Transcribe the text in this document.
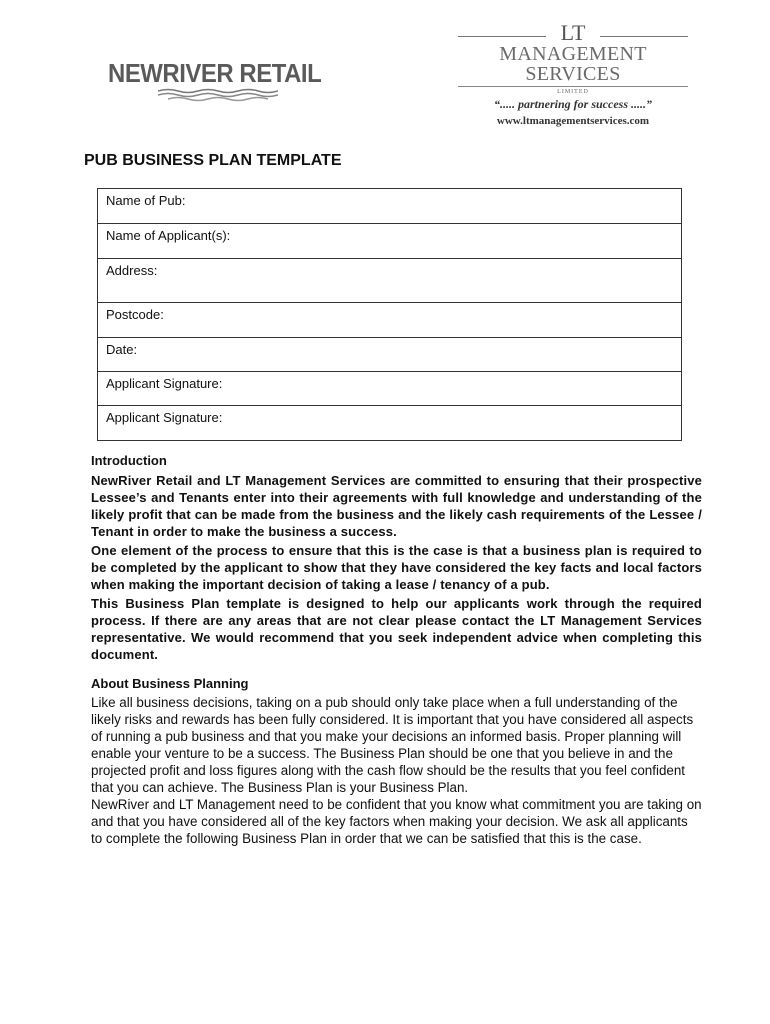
NEWRIVER RETAIL
LT
MANAGEMENT SERVICES
LIMITED
“..... partnering for success .....”
www.ltmanagementservices.com
PUB BUSINESS PLAN TEMPLATE
Name of Pub:
Name of Applicant(s):
Address:
Postcode:
Date:
Applicant Signature:
Applicant Signature:

Introduction

NewRiver Retail and LT Management Services are committed to ensuring that their prospective Lessee’s and Tenants enter into their agreements with full knowledge and understanding of the likely profit that can be made from the business and the likely cash requirements of the Lessee / Tenant in order to make the business a success.

One element of the process to ensure that this is the case is that a business plan is required to be completed by the applicant to show that they have considered the key facts and local factors when making the important decision of taking a lease / tenancy of a pub.

This Business Plan template is designed to help our applicants work through the required process. If there are any areas that are not clear please contact the LT Management Services representative. We would recommend that you seek independent advice when completing this document.

About Business Planning

Like all business decisions, taking on a pub should only take place when a full understanding of the likely risks and rewards has been fully considered. It is important that you have considered all aspects of running a pub business and that you make your decisions an informed basis. Proper planning will enable your venture to be a success. The Business Plan should be one that you believe in and the projected profit and loss figures along with the cash flow should be the results that you feel confident that you can achieve. The Business Plan is your Business Plan.

NewRiver and LT Management need to be confident that you know what commitment you are taking on and that you have considered all of the key factors when making your decision. We ask all applicants to complete the following Business Plan in order that we can be satisfied that this is the case.
